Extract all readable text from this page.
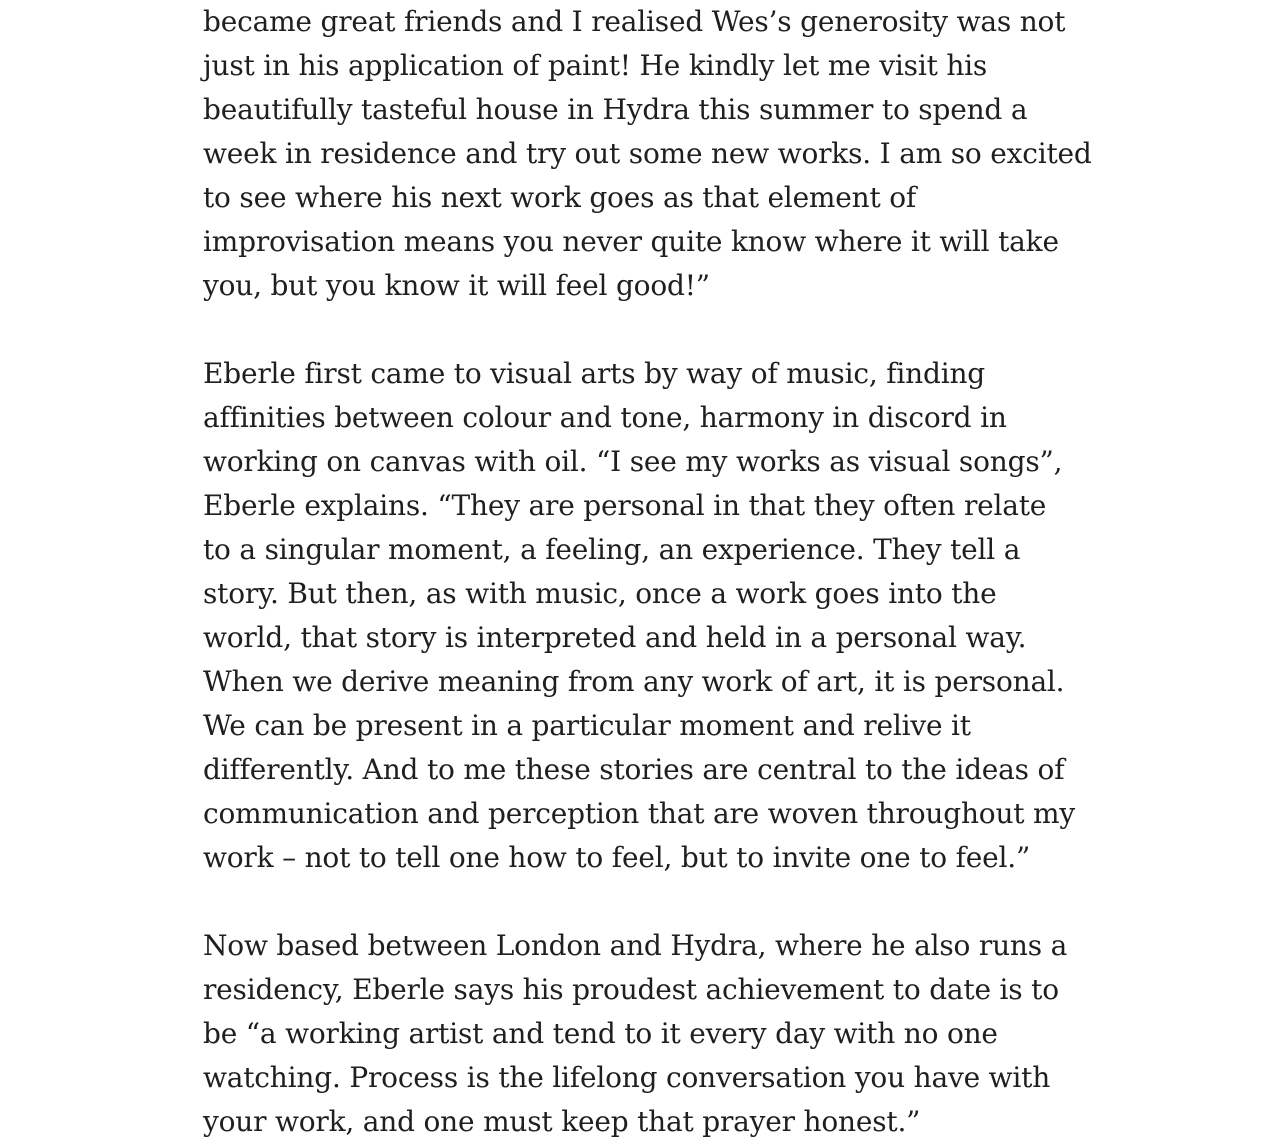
became great friends and I realised Wes’s generosity was not
just in his application of paint! He kindly let me visit his
beautifully tasteful house in Hydra this summer to spend a
week in residence and try out some new works. I am so excited
to see where his next work goes as that element of
improvisation means you never quite know where it will take
you, but you know it will feel good!”

Eberle first came to visual arts by way of music, finding
affinities between colour and tone, harmony in discord in
working on canvas with oil. “I see my works as visual songs”,
Eberle explains. “They are personal in that they often relate
to a singular moment, a feeling, an experience. They tell a
story. But then, as with music, once a work goes into the
world, that story is interpreted and held in a personal way.
When we derive meaning from any work of art, it is personal.
We can be present in a particular moment and relive it
differently. And to me these stories are central to the ideas of
communication and perception that are woven throughout my
work – not to tell one how to feel, but to invite one to feel.”

Now based between London and Hydra, where he also runs a
residency, Eberle says his proudest achievement to date is to
be “a working artist and tend to it every day with no one
watching. Process is the lifelong conversation you have with
your work, and one must keep that prayer honest.”
